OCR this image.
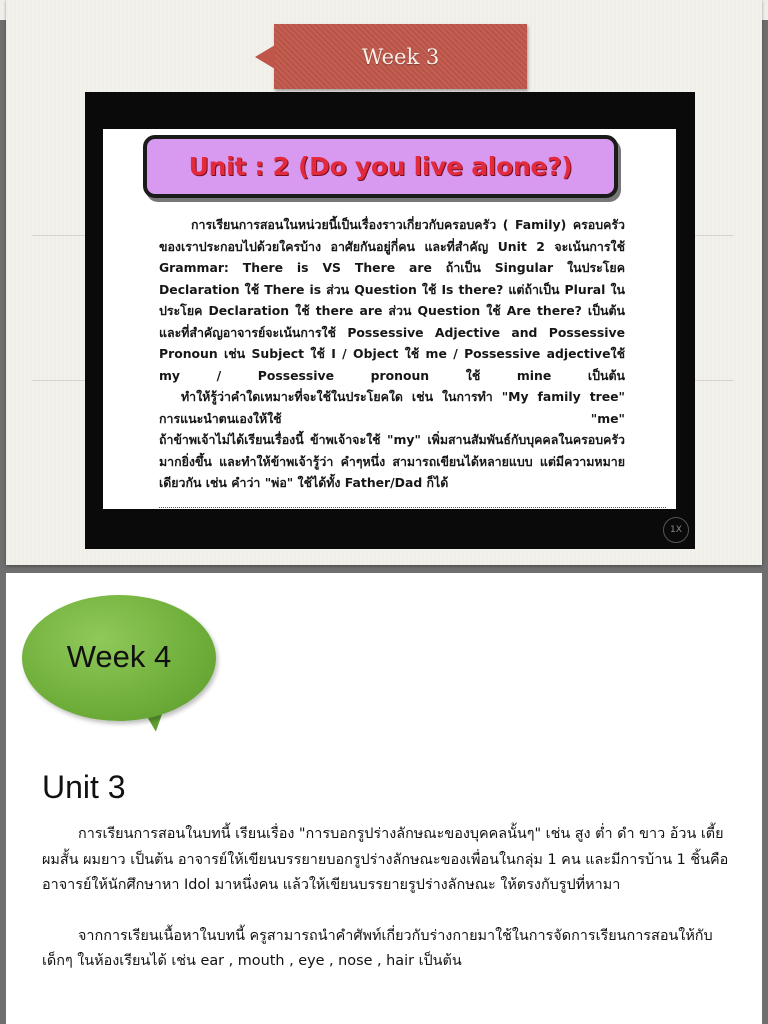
Week 3
Unit : 2 (Do you live alone?)

การเรียนการสอนในหน่วยนี้เป็นเรื่องราวเกี่ยวกับครอบครัว ( Family) ครอบครัวของเราประกอบไปด้วยใครบ้าง อาศัยกันอยู่กี่คน และที่สำคัญ Unit 2 จะเน้นการใช้ Grammar: There is VS There are ถ้าเป็น Singular ในประโยค Declaration ใช้ There is ส่วน Question ใช้ Is there? แต่ถ้าเป็น Plural ในประโยค Declaration ใช้ there are ส่วน Question ใช้ Are there? เป็นต้น และที่สำคัญอาจารย์จะเน้นการใช้ Possessive Adjective and Possessive Pronoun เช่น Subject ใช้ I / Object ใช้ me / Possessive adjectiveใช้ my / Possessive pronoun ใช้ mine เป็นต้น

ทำให้รู้ว่าคำใดเหมาะที่จะใช้ในประโยคใด เช่น ในการทำ "My family tree" การแนะนำตนเองให้ใช้ "me"

ถ้าข้าพเจ้าไม่ได้เรียนเรื่องนี้ ข้าพเจ้าจะใช้ "my" เพิ่มสานสัมพันธ์กับบุคคลในครอบครัวมากยิ่งขึ้น และทำให้ข้าพเจ้ารู้ว่า คำๆหนึ่ง สามารถเขียนได้หลายแบบ แต่มีความหมายเดียวกัน เช่น คำว่า "พ่อ" ใช้ได้ทั้ง Father/Dad ก็ได้

1X
Week 4
Unit 3

การเรียนการสอนในบทนี้ เรียนเรื่อง "การบอกรูปร่างลักษณะของบุคคลนั้นๆ" เช่น สูง ต่ำ ดำ ขาว อ้วน เตี้ย ผมสั้น ผมยาว เป็นต้น อาจารย์ให้เขียนบรรยายบอกรูปร่างลักษณะของเพื่อนในกลุ่ม 1 คน และมีการบ้าน 1 ชิ้นคือ อาจารย์ให้นักศึกษาหา Idol มาหนึ่งคน แล้วให้เขียนบรรยายรูปร่างลักษณะ ให้ตรงกับรูปที่หามา

จากการเรียนเนื้อหาในบทนี้ ครูสามารถนำคำศัพท์เกี่ยวกับร่างกายมาใช้ในการจัดการเรียนการสอนให้กับเด็กๆ ในห้องเรียนได้ เช่น ear , mouth , eye , nose , hair เป็นต้น
